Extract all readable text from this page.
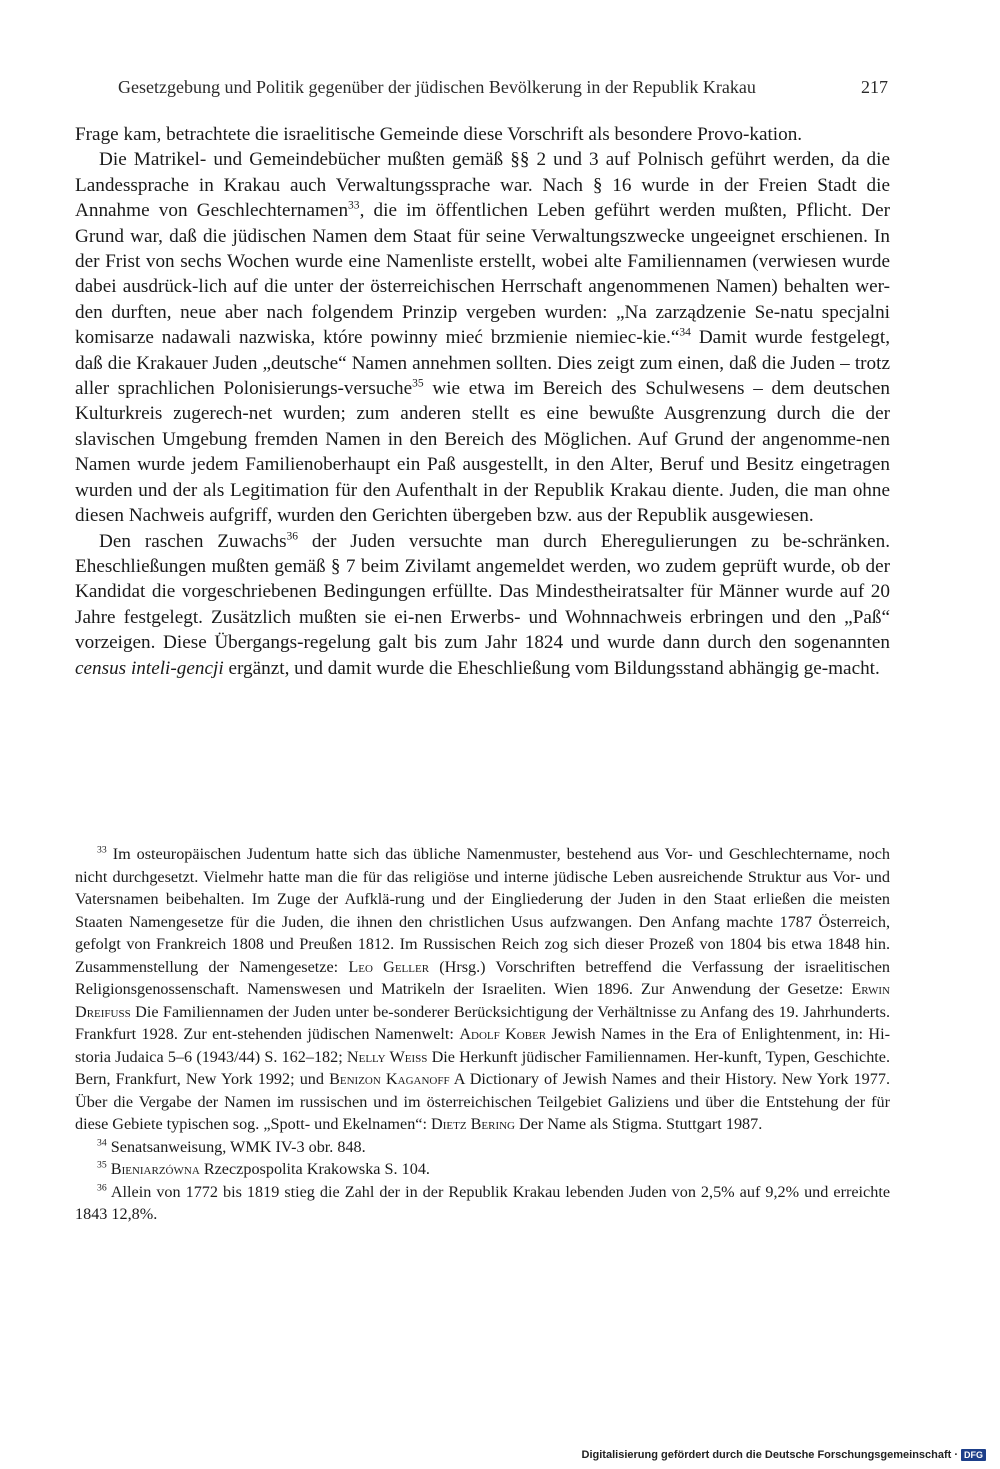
Gesetzgebung und Politik gegenüber der jüdischen Bevölkerung in der Republik Krakau	217

Frage kam, betrachtete die israelitische Gemeinde diese Vorschrift als besondere Provo-kation.

Die Matrikel- und Gemeindebücher mußten gemäß §§ 2 und 3 auf Polnisch geführt werden, da die Landessprache in Krakau auch Verwaltungssprache war. Nach § 16 wurde in der Freien Stadt die Annahme von Geschlechternamen$^{33}$, die im öffentlichen Leben geführt werden mußten, Pflicht. Der Grund war, daß die jüdischen Namen dem Staat für seine Verwaltungszwecke ungeeignet erschienen. In der Frist von sechs Wochen wurde eine Namenliste erstellt, wobei alte Familiennamen (verwiesen wurde dabei ausdrück-lich auf die unter der österreichischen Herrschaft angenommenen Namen) behalten wer-den durften, neue aber nach folgendem Prinzip vergeben wurden: „Na zarządzenie Se-natu specjalni komisarze nadawali nazwiska, które powinny mieć brzmienie niemiec-kie.“$^{34}$ Damit wurde festgelegt, daß die Krakauer Juden „deutsche“ Namen annehmen sollten. Dies zeigt zum einen, daß die Juden – trotz aller sprachlichen Polonisierungs-versuche$^{35}$ wie etwa im Bereich des Schulwesens – dem deutschen Kulturkreis zugerech-net wurden; zum anderen stellt es eine bewußte Ausgrenzung durch die der slavischen Umgebung fremden Namen in den Bereich des Möglichen. Auf Grund der angenomme-nen Namen wurde jedem Familienoberhaupt ein Paß ausgestellt, in den Alter, Beruf und Besitz eingetragen wurden und der als Legitimation für den Aufenthalt in der Republik Krakau diente. Juden, die man ohne diesen Nachweis aufgriff, wurden den Gerichten übergeben bzw. aus der Republik ausgewiesen.

Den raschen Zuwachs$^{36}$ der Juden versuchte man durch Eheregulierungen zu be-schränken. Eheschließungen mußten gemäß § 7 beim Zivilamt angemeldet werden, wo zudem geprüft wurde, ob der Kandidat die vorgeschriebenen Bedingungen erfüllte. Das Mindestheiratsalter für Männer wurde auf 20 Jahre festgelegt. Zusätzlich mußten sie ei-nen Erwerbs- und Wohnnachweis erbringen und den „Paß“ vorzeigen. Diese Übergangs-regelung galt bis zum Jahr 1824 und wurde dann durch den sogenannten census inteli-gencji ergänzt, und damit wurde die Eheschließung vom Bildungsstand abhängig ge-macht.

$^{33}$ Im osteuropäischen Judentum hatte sich das übliche Namenmuster, bestehend aus Vor- und Geschlechtername, noch nicht durchgesetzt. Vielmehr hatte man die für das religiöse und interne jüdische Leben ausreichende Struktur aus Vor- und Vatersnamen beibehalten. Im Zuge der Aufklä-rung und der Eingliederung der Juden in den Staat erließen die meisten Staaten Namengesetze für die Juden, die ihnen den christlichen Usus aufzwangen. Den Anfang machte 1787 Österreich, gefolgt von Frankreich 1808 und Preußen 1812. Im Russischen Reich zog sich dieser Prozeß von 1804 bis etwa 1848 hin. Zusammenstellung der Namengesetze: Leo Geller (Hrsg.) Vorschriften betreffend die Verfassung der israelitischen Religionsgenossenschaft. Namenswesen und Matrikeln der Israeliten. Wien 1896. Zur Anwendung der Gesetze: Erwin Dreifuss Die Familiennamen der Juden unter be-sonderer Berücksichtigung der Verhältnisse zu Anfang des 19. Jahrhunderts. Frankfurt 1928. Zur ent-stehenden jüdischen Namenwelt: Adolf Kober Jewish Names in the Era of Enlightenment, in: Hi-storia Judaica 5–6 (1943/44) S. 162–182; Nelly Weiss Die Herkunft jüdischer Familiennamen. Her-kunft, Typen, Geschichte. Bern, Frankfurt, New York 1992; und Benizon Kaganoff A Dictionary of Jewish Names and their History. New York 1977. Über die Vergabe der Namen im russischen und im österreichischen Teilgebiet Galiziens und über die Entstehung der für diese Gebiete typischen sog. „Spott- und Ekelnamen“: Dietz Bering Der Name als Stigma. Stuttgart 1987.

$^{34}$ Senatsanweisung, WMK IV-3 obr. 848.

$^{35}$ Bieniarzówna Rzeczpospolita Krakowska S. 104.

$^{36}$ Allein von 1772 bis 1819 stieg die Zahl der in der Republik Krakau lebenden Juden von 2,5% auf 9,2% und erreichte 1843 12,8%.

Digitalisierung gefördert durch die Deutsche Forschungsgemeinschaft · DFG
